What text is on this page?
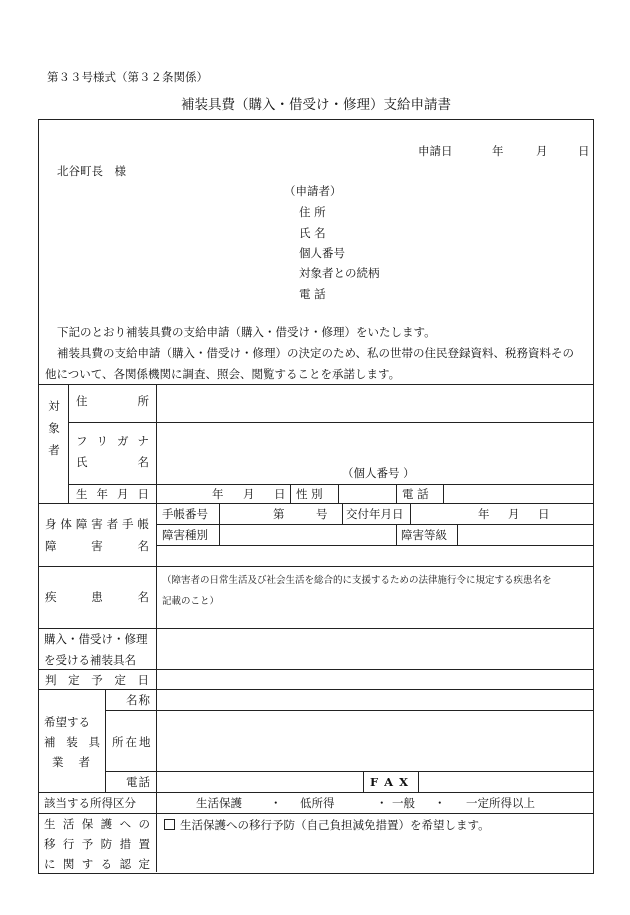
第３３号様式（第３２条関係）
補装具費（購入・借受け・修理）支給申請書
申請日	年	月	日
北谷町長　様
（申請者）
住 所
氏 名
個人番号
対象者との続柄
電 話
下記のとおり補装具費の支給申請（購入・借受け・修理）をいたします。
補装具費の支給申請（購入・借受け・修理）の決定のため、私の世帯の住民登録資料、税務資料その
他について、各関係機関に調査、照会、閲覧することを承諾します。
対
象
者
住	所
フ リ ガ ナ
氏	名
（個人番号 ）
生 年 月 日	年 月 日 性 別	電 話
身 体 障 害 者 手 帳
障	害	名
手帳番号	第	号 交付年月日	年 月 日
障害種別	障害等級
疾	患	名
（障害者の日常生活及び社会生活を総合的に支援するための法律施行令に規定する疾患名を
記載のこと）
購入・借受け・修理
を受ける補装具名
判 定 予 定 日
希望する
補 装 具
業 者
名 称
所在地
電 話	F A X
該当する所得区分	生活保護 ・ 低所得	・ 一般 ・ 一定所得以上
生 活 保 護 へ の
移 行 予 防 措 置
に 関 す る 認 定
生活保護への移行予防（自己負担減免措置）を希望します。
